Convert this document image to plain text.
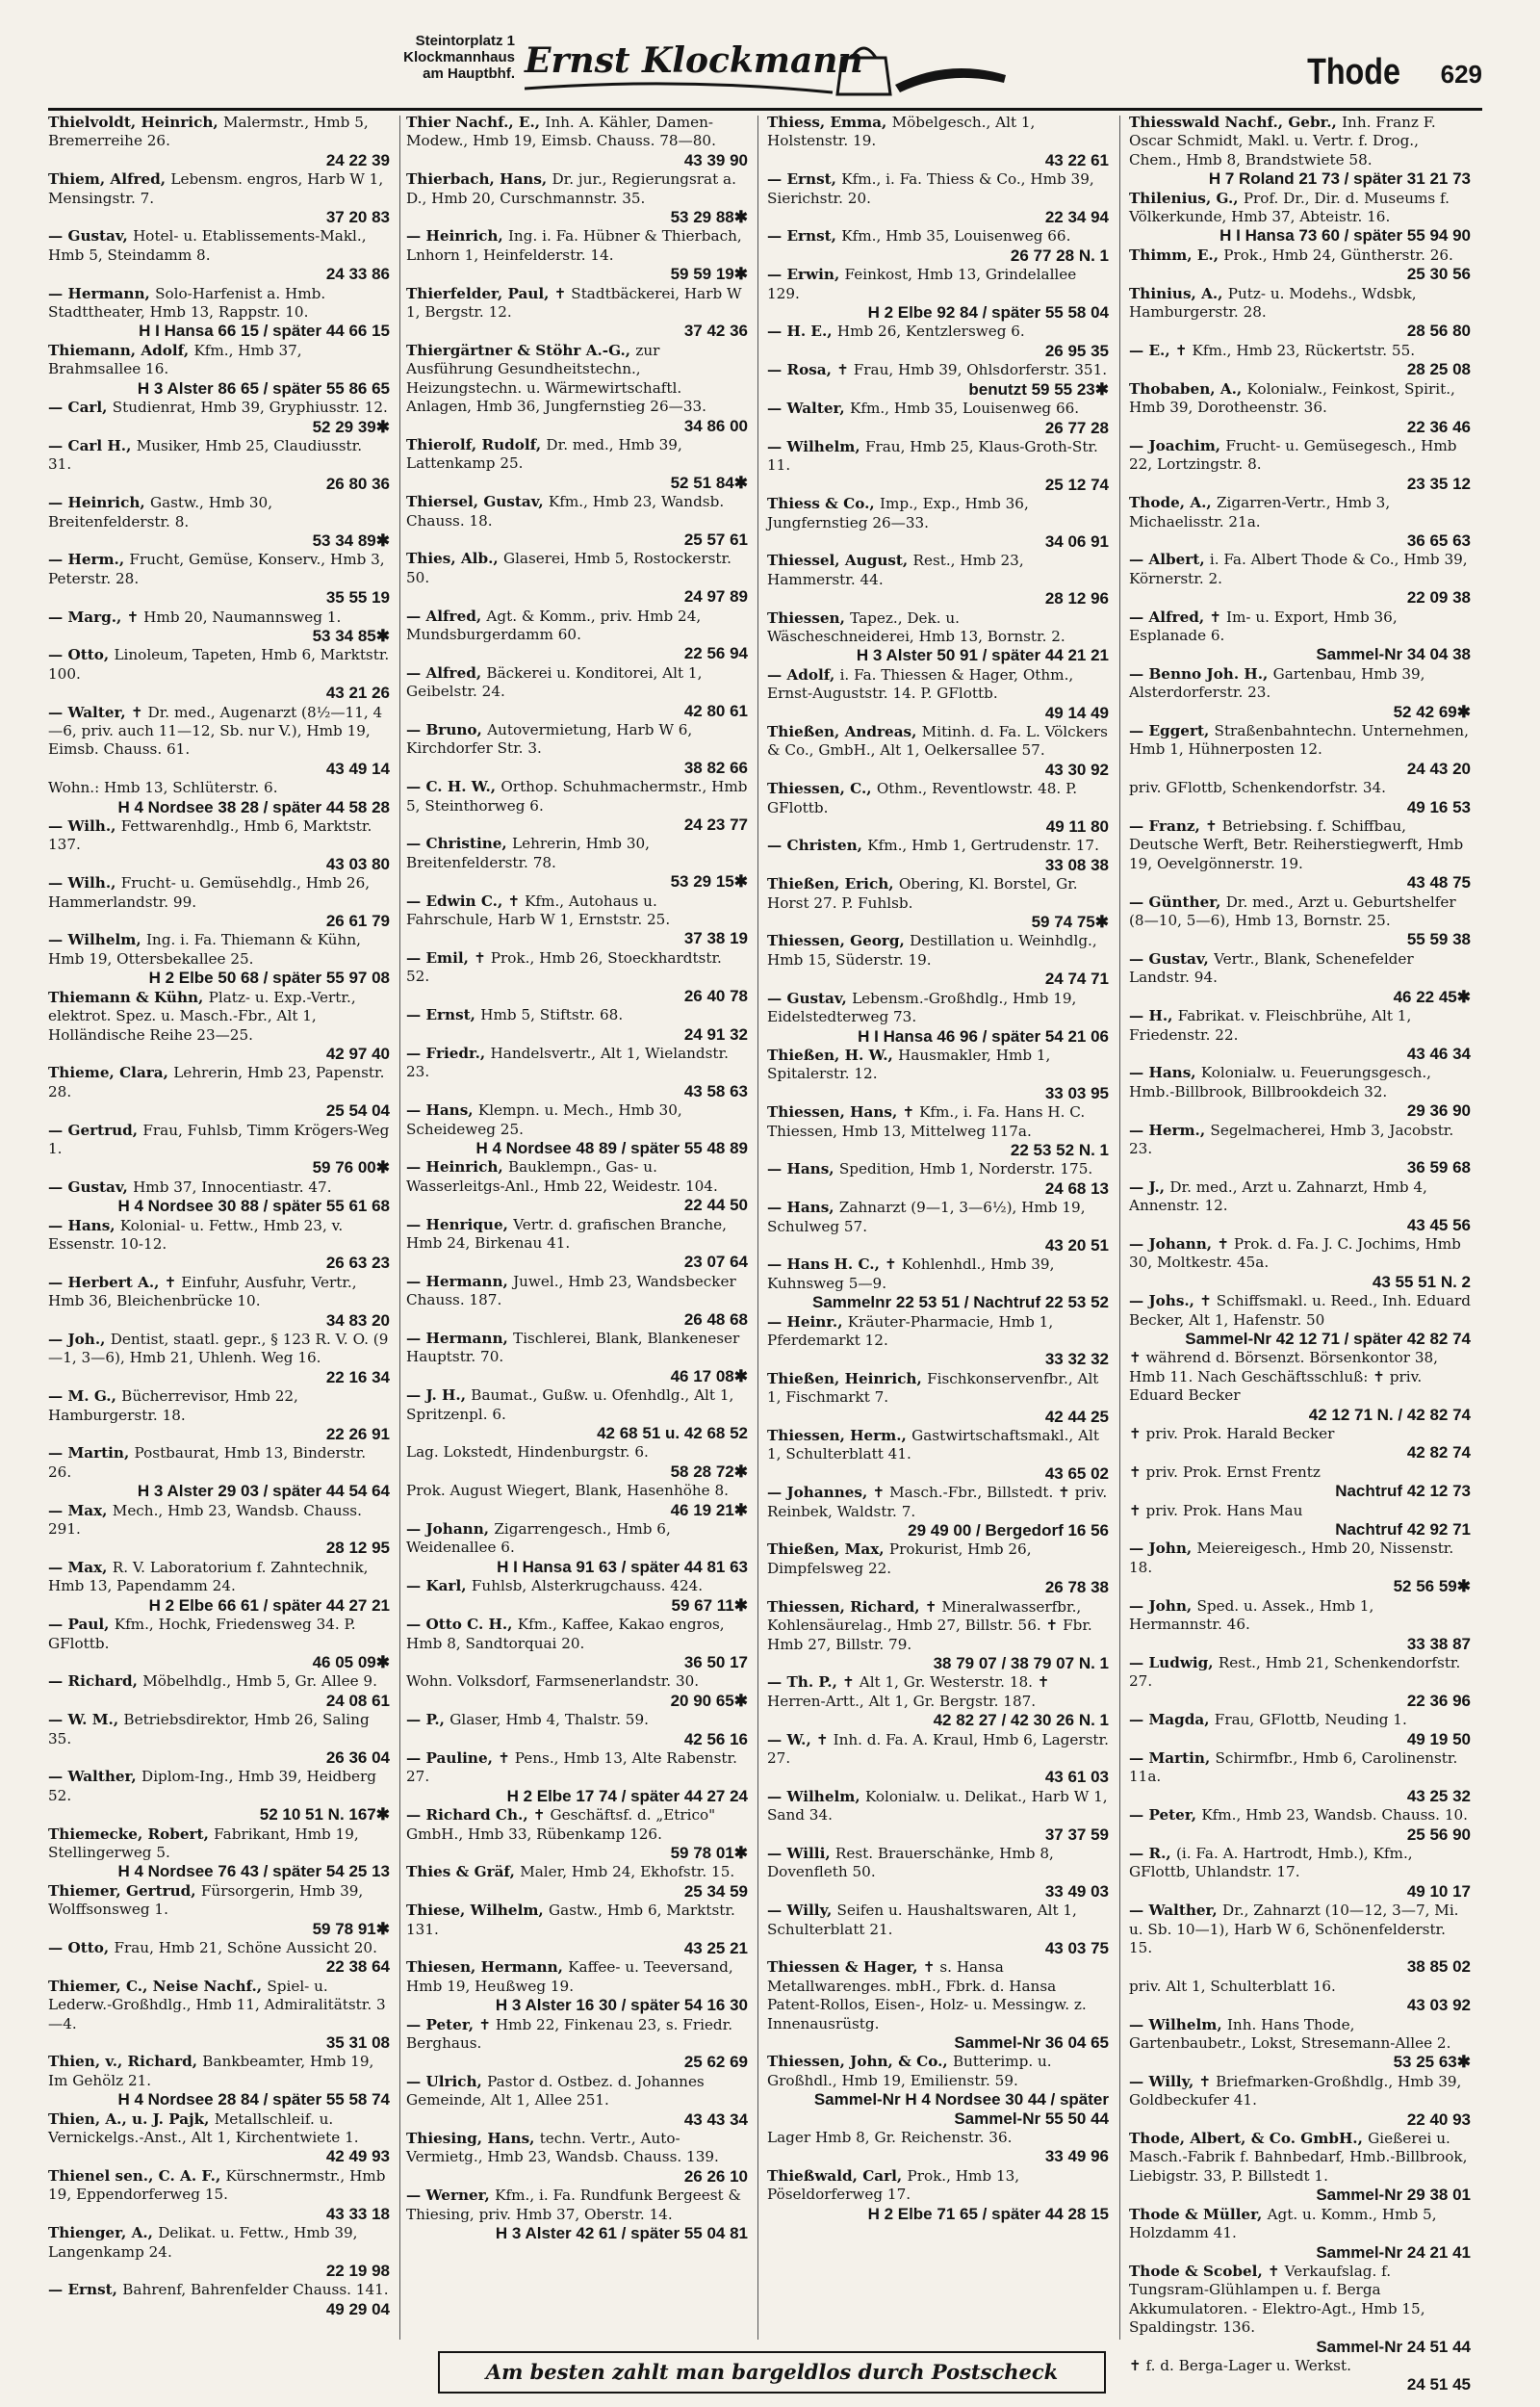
Steintorplatz 1
Klockmannhaus
am Hauptbhf. Ernst Klockmann	Thode 629
Thielvoldt, Heinrich, Malermstr., Hmb 5, Bremerreihe 26.
24 22 39
Thiem, Alfred, Lebensm. engros, Harb W 1, Mensingstr. 7.
37 20 83
— Gustav, Hotel- u. Etablissements-Makl., Hmb 5, Steindamm 8.
24 33 86
— Hermann, Solo-Harfenist a. Hmb. Stadttheater, Hmb 13, Rappstr. 10.
H I Hansa 66 15 / später 44 66 15
Thiemann, Adolf, Kfm., Hmb 37, Brahmsallee 16.
H 3 Alster 86 65 / später 55 86 65
— Carl, Studienrat, Hmb 39, Gryphiusstr. 12.
52 29 39✱
— Carl H., Musiker, Hmb 25, Claudiusstr. 31.
26 80 36
— Heinrich, Gastw., Hmb 30, Breitenfelderstr. 8.
53 34 89✱
— Herm., Frucht, Gemüse, Konserv., Hmb 3, Peterstr. 28.
35 55 19
— Marg., ✝ Hmb 20, Naumannsweg 1.
53 34 85✱
— Otto, Linoleum, Tapeten, Hmb 6, Marktstr. 100.
43 21 26
— Walter, ✝ Dr. med., Augenarzt (8½—11, 4—6, priv. auch 11—12, Sb. nur V.), Hmb 19, Eimsb. Chauss. 61.
43 49 14
Wohn.: Hmb 13, Schlüterstr. 6.
H 4 Nordsee 38 28 / später 44 58 28
— Wilh., Fettwarenhdlg., Hmb 6, Marktstr. 137.
43 03 80
— Wilh., Frucht- u. Gemüsehdlg., Hmb 26, Hammerlandstr. 99.
26 61 79
— Wilhelm, Ing. i. Fa. Thiemann & Kühn, Hmb 19, Ottersbekallee 25.
H 2 Elbe 50 68 / später 55 97 08
Thiemann & Kühn, Platz- u. Exp.-Vertr., elektrot. Spez. u. Masch.-Fbr., Alt 1, Holländische Reihe 23—25.
42 97 40
Thieme, Clara, Lehrerin, Hmb 23, Papenstr. 28.
25 54 04
— Gertrud, Frau, Fuhlsb, Timm Krögers-Weg 1.
59 76 00✱
— Gustav, Hmb 37, Innocentiastr. 47.
H 4 Nordsee 30 88 / später 55 61 68
— Hans, Kolonial- u. Fettw., Hmb 23, v. Essenstr. 10-12.
26 63 23
— Herbert A., ✝ Einfuhr, Ausfuhr, Vertr., Hmb 36, Bleichenbrücke 10.
34 83 20
— Joh., Dentist, staatl. gepr., § 123 R. V. O. (9—1, 3—6), Hmb 21, Uhlenh. Weg 16.
22 16 34
— M. G., Bücherrevisor, Hmb 22, Hamburgerstr. 18.
22 26 91
— Martin, Postbaurat, Hmb 13, Binderstr. 26.
H 3 Alster 29 03 / später 44 54 64
— Max, Mech., Hmb 23, Wandsb. Chauss. 291.
28 12 95
— Max, R. V. Laboratorium f. Zahntechnik, Hmb 13, Papendamm 24.
H 2 Elbe 66 61 / später 44 27 21
— Paul, Kfm., Hochk, Friedensweg 34. P. GFlottb.
46 05 09✱
— Richard, Möbelhdlg., Hmb 5, Gr. Allee 9.
24 08 61
— W. M., Betriebsdirektor, Hmb 26, Saling 35.
26 36 04
— Walther, Diplom-Ing., Hmb 39, Heidberg 52.
52 10 51 N. 167✱
Thiemecke, Robert, Fabrikant, Hmb 19, Stellingerweg 5.
H 4 Nordsee 76 43 / später 54 25 13
Thiemer, Gertrud, Fürsorgerin, Hmb 39, Wolffsonsweg 1.
59 78 91✱
— Otto, Frau, Hmb 21, Schöne Aussicht 20.
22 38 64
Thiemer, C., Neise Nachf., Spiel- u. Lederw.-Großhdlg., Hmb 11, Admiralitätstr. 3—4.
35 31 08
Thien, v., Richard, Bankbeamter, Hmb 19, Im Gehölz 21.
H 4 Nordsee 28 84 / später 55 58 74
Thien, A., u. J. Pajk, Metallschleif. u. Vernickelgs.-Anst., Alt 1, Kirchentwiete 1.
42 49 93
Thienel sen., C. A. F., Kürschnermstr., Hmb 19, Eppendorferweg 15.
43 33 18
Thienger, A., Delikat. u. Fettw., Hmb 39, Langenkamp 24.
22 19 98
— Ernst, Bahrenf, Bahrenfelder Chauss. 141.
49 29 04
Thier Nachf., E., Inh. A. Kähler, Damen-Modew., Hmb 19, Eimsb. Chauss. 78—80.
43 39 90
Thierbach, Hans, Dr. jur., Regierungsrat a. D., Hmb 20, Curschmannstr. 35.
53 29 88✱
— Heinrich, Ing. i. Fa. Hübner & Thierbach, Lnhorn 1, Heinfelderstr. 14.
59 59 19✱
Thierfelder, Paul, ✝ Stadtbäckerei, Harb W 1, Bergstr. 12.
37 42 36
Thiergärtner & Stöhr A.-G., zur Ausführung Gesundheitstechn., Heizungstechn. u. Wärmewirtschaftl. Anlagen, Hmb 36, Jungfernstieg 26—33.
34 86 00
Thierolf, Rudolf, Dr. med., Hmb 39, Lattenkamp 25.
52 51 84✱
Thiersel, Gustav, Kfm., Hmb 23, Wandsb. Chauss. 18.
25 57 61
Thies, Alb., Glaserei, Hmb 5, Rostockerstr. 50.
24 97 89
— Alfred, Agt. & Komm., priv. Hmb 24, Mundsburgerdamm 60.
22 56 94
— Alfred, Bäckerei u. Konditorei, Alt 1, Geibelstr. 24.
42 80 61
— Bruno, Autovermietung, Harb W 6, Kirchdorfer Str. 3.
38 82 66
— C. H. W., Orthop. Schuhmachermstr., Hmb 5, Steinthorweg 6.
24 23 77
— Christine, Lehrerin, Hmb 30, Breitenfelderstr. 78.
53 29 15✱
— Edwin C., ✝ Kfm., Autohaus u. Fahrschule, Harb W 1, Ernststr. 25.
37 38 19
— Emil, ✝ Prok., Hmb 26, Stoeckhardtstr. 52.
26 40 78
— Ernst, Hmb 5, Stiftstr. 68.
24 91 32
— Friedr., Handelsvertr., Alt 1, Wielandstr. 23.
43 58 63
— Hans, Klempn. u. Mech., Hmb 30, Scheideweg 25.
H 4 Nordsee 48 89 / später 55 48 89
— Heinrich, Bauklempn., Gas- u. Wasserleitgs-Anl., Hmb 22, Weidestr. 104.
22 44 50
— Henrique, Vertr. d. grafischen Branche, Hmb 24, Birkenau 41.
23 07 64
— Hermann, Juwel., Hmb 23, Wandsbecker Chauss. 187.
26 48 68
— Hermann, Tischlerei, Blank, Blankeneser Hauptstr. 70.
46 17 08✱
— J. H., Baumat., Gußw. u. Ofenhdlg., Alt 1, Spritzenpl. 6.
42 68 51 u. 42 68 52
Lag. Lokstedt, Hindenburgstr. 6.
58 28 72✱
Prok. August Wiegert, Blank, Hasenhöhe 8.
46 19 21✱
— Johann, Zigarrengesch., Hmb 6, Weidenallee 6.
H I Hansa 91 63 / später 44 81 63
— Karl, Fuhlsb, Alsterkrugchauss. 424.
59 67 11✱
— Otto C. H., Kfm., Kaffee, Kakao engros, Hmb 8, Sandtorquai 20.
36 50 17
Wohn. Volksdorf, Farmsenerlandstr. 30.
20 90 65✱
— P., Glaser, Hmb 4, Thalstr. 59.
42 56 16
— Pauline, ✝ Pens., Hmb 13, Alte Rabenstr. 27.
H 2 Elbe 17 74 / später 44 27 24
— Richard Ch., ✝ Geschäftsf. d. „Etrico" GmbH., Hmb 33, Rübenkamp 126.
59 78 01✱
Thies & Gräf, Maler, Hmb 24, Ekhofstr. 15.
25 34 59
Thiese, Wilhelm, Gastw., Hmb 6, Marktstr. 131.
43 25 21
Thiesen, Hermann, Kaffee- u. Teeversand, Hmb 19, Heußweg 19.
H 3 Alster 16 30 / später 54 16 30
— Peter, ✝ Hmb 22, Finkenau 23, s. Friedr. Berghaus.
25 62 69
— Ulrich, Pastor d. Ostbez. d. Johannes Gemeinde, Alt 1, Allee 251.
43 43 34
Thiesing, Hans, techn. Vertr., Auto-Vermietg., Hmb 23, Wandsb. Chauss. 139.
26 26 10
— Werner, Kfm., i. Fa. Rundfunk Bergeest & Thiesing, priv. Hmb 37, Oberstr. 14.
H 3 Alster 42 61 / später 55 04 81
Thiess, Emma, Möbelgesch., Alt 1, Holstenstr. 19.
43 22 61
— Ernst, Kfm., i. Fa. Thiess & Co., Hmb 39, Sierichstr. 20.
22 34 94
— Ernst, Kfm., Hmb 35, Louisenweg 66.
26 77 28 N. 1
— Erwin, Feinkost, Hmb 13, Grindelallee 129.
H 2 Elbe 92 84 / später 55 58 04
— H. E., Hmb 26, Kentzlersweg 6.
26 95 35
— Rosa, ✝ Frau, Hmb 39, Ohlsdorferstr. 351.
benutzt 59 55 23✱
— Walter, Kfm., Hmb 35, Louisenweg 66.
26 77 28
— Wilhelm, Frau, Hmb 25, Klaus-Groth-Str. 11.
25 12 74
Thiess & Co., Imp., Exp., Hmb 36, Jungfernstieg 26—33.
34 06 91
Thiessel, August, Rest., Hmb 23, Hammerstr. 44.
28 12 96
Thiessen, Tapez., Dek. u. Wäscheschneiderei, Hmb 13, Bornstr. 2.
H 3 Alster 50 91 / später 44 21 21
— Adolf, i. Fa. Thiessen & Hager, Othm., Ernst-Auguststr. 14. P. GFlottb.
49 14 49
Thießen, Andreas, Mitinh. d. Fa. L. Völckers & Co., GmbH., Alt 1, Oelkersallee 57.
43 30 92
Thiessen, C., Othm., Reventlowstr. 48. P. GFlottb.
49 11 80
— Christen, Kfm., Hmb 1, Gertrudenstr. 17.
33 08 38
Thießen, Erich, Obering, Kl. Borstel, Gr. Horst 27. P. Fuhlsb.
59 74 75✱
Thiessen, Georg, Destillation u. Weinhdlg., Hmb 15, Süderstr. 19.
24 74 71
— Gustav, Lebensm.-Großhdlg., Hmb 19, Eidelstedterweg 73.
H I Hansa 46 96 / später 54 21 06
Thießen, H. W., Hausmakler, Hmb 1, Spitalerstr. 12.
33 03 95
Thiessen, Hans, ✝ Kfm., i. Fa. Hans H. C. Thiessen, Hmb 13, Mittelweg 117a.
22 53 52 N. 1
— Hans, Spedition, Hmb 1, Norderstr. 175.
24 68 13
— Hans, Zahnarzt (9—1, 3—6½), Hmb 19, Schulweg 57.
43 20 51
— Hans H. C., ✝ Kohlenhdl., Hmb 39, Kuhnsweg 5—9.
Sammelnr 22 53 51 / Nachtruf 22 53 52
— Heinr., Kräuter-Pharmacie, Hmb 1, Pferdemarkt 12.
33 32 32
Thießen, Heinrich, Fischkonservenfbr., Alt 1, Fischmarkt 7.
42 44 25
Thiessen, Herm., Gastwirtschaftsmakl., Alt 1, Schulterblatt 41.
43 65 02
— Johannes, ✝ Masch.-Fbr., Billstedt. ✝ priv. Reinbek, Waldstr. 7.
29 49 00 / Bergedorf 16 56
Thießen, Max, Prokurist, Hmb 26, Dimpfelsweg 22.
26 78 38
Thiessen, Richard, ✝ Mineralwasserfbr., Kohlensäurelag., Hmb 27, Billstr. 56. ✝ Fbr. Hmb 27, Billstr. 79.
38 79 07 / 38 79 07 N. 1
— Th. P., ✝ Alt 1, Gr. Westerstr. 18. ✝ Herren-Artt., Alt 1, Gr. Bergstr. 187.
42 82 27 / 42 30 26 N. 1
— W., ✝ Inh. d. Fa. A. Kraul, Hmb 6, Lagerstr. 27.
43 61 03
— Wilhelm, Kolonialw. u. Delikat., Harb W 1, Sand 34.
37 37 59
— Willi, Rest. Brauerschänke, Hmb 8, Dovenfleth 50.
33 49 03
— Willy, Seifen u. Haushaltswaren, Alt 1, Schulterblatt 21.
43 03 75
Thiessen & Hager, ✝ s. Hansa Metallwarenges. mbH., Fbrk. d. Hansa Patent-Rollos, Eisen-, Holz- u. Messingw. z. Innenausrüstg.
Sammel-Nr 36 04 65
Thiessen, John, & Co., Butterimp. u. Großhdl., Hmb 19, Emilienstr. 59.
Sammel-Nr H 4 Nordsee 30 44 / später Sammel-Nr 55 50 44
Lager Hmb 8, Gr. Reichenstr. 36.
33 49 96
Thießwald, Carl, Prok., Hmb 13, Pöseldorferweg 17.
H 2 Elbe 71 65 / später 44 28 15
Thiesswald Nachf., Gebr., Inh. Franz F. Oscar Schmidt, Makl. u. Vertr. f. Drog., Chem., Hmb 8, Brandstwiete 58.
H 7 Roland 21 73 / später 31 21 73
Thilenius, G., Prof. Dr., Dir. d. Museums f. Völkerkunde, Hmb 37, Abteistr. 16.
H I Hansa 73 60 / später 55 94 90
Thimm, E., Prok., Hmb 24, Güntherstr. 26.
25 30 56
Thinius, A., Putz- u. Modehs., Wdsbk, Hamburgerstr. 28.
28 56 80
— E., ✝ Kfm., Hmb 23, Rückertstr. 55.
28 25 08
Thobaben, A., Kolonialw., Feinkost, Spirit., Hmb 39, Dorotheenstr. 36.
22 36 46
— Joachim, Frucht- u. Gemüsegesch., Hmb 22, Lortzingstr. 8.
23 35 12
Thode, A., Zigarren-Vertr., Hmb 3, Michaelisstr. 21a.
36 65 63
— Albert, i. Fa. Albert Thode & Co., Hmb 39, Körnerstr. 2.
22 09 38
— Alfred, ✝ Im- u. Export, Hmb 36, Esplanade 6.
Sammel-Nr 34 04 38
— Benno Joh. H., Gartenbau, Hmb 39, Alsterdorferstr. 23.
52 42 69✱
— Eggert, Straßenbahntechn. Unternehmen, Hmb 1, Hühnerposten 12.
24 43 20
priv. GFlottb, Schenkendorfstr. 34.
49 16 53
— Franz, ✝ Betriebsing. f. Schiffbau, Deutsche Werft, Betr. Reiherstiegwerft, Hmb 19, Oevelgönnerstr. 19.
43 48 75
— Günther, Dr. med., Arzt u. Geburtshelfer (8—10, 5—6), Hmb 13, Bornstr. 25.
55 59 38
— Gustav, Vertr., Blank, Schenefelder Landstr. 94.
46 22 45✱
— H., Fabrikat. v. Fleischbrühe, Alt 1, Friedenstr. 22.
43 46 34
— Hans, Kolonialw. u. Feuerungsgesch., Hmb.-Billbrook, Billbrookdeich 32.
29 36 90
— Herm., Segelmacherei, Hmb 3, Jacobstr. 23.
36 59 68
— J., Dr. med., Arzt u. Zahnarzt, Hmb 4, Annenstr. 12.
43 45 56
— Johann, ✝ Prok. d. Fa. J. C. Jochims, Hmb 30, Moltkestr. 45a.
43 55 51 N. 2
— Johs., ✝ Schiffsmakl. u. Reed., Inh. Eduard Becker, Alt 1, Hafenstr. 50
Sammel-Nr 42 12 71 / später 42 82 74
✝ während d. Börsenzt. Börsenkontor 38, Hmb 11. Nach Geschäftsschluß: ✝ priv. Eduard Becker
42 12 71 N. / 42 82 74
✝ priv. Prok. Harald Becker
42 82 74
✝ priv. Prok. Ernst Frentz
Nachtruf 42 12 73
✝ priv. Prok. Hans Mau
Nachtruf 42 92 71
— John, Meiereigesch., Hmb 20, Nissenstr. 18.
52 56 59✱
— John, Sped. u. Assek., Hmb 1, Hermannstr. 46.
33 38 87
— Ludwig, Rest., Hmb 21, Schenkendorfstr. 27.
22 36 96
— Magda, Frau, GFlottb, Neuding 1.
49 19 50
— Martin, Schirmfbr., Hmb 6, Carolinenstr. 11a.
43 25 32
— Peter, Kfm., Hmb 23, Wandsb. Chauss. 10.
25 56 90
— R., (i. Fa. A. Hartrodt, Hmb.), Kfm., GFlottb, Uhlandstr. 17.
49 10 17
— Walther, Dr., Zahnarzt (10—12, 3—7, Mi. u. Sb. 10—1), Harb W 6, Schönenfelderstr. 15.
38 85 02
priv. Alt 1, Schulterblatt 16.
43 03 92
— Wilhelm, Inh. Hans Thode, Gartenbaubetr., Lokst, Stresemann-Allee 2.
53 25 63✱
— Willy, ✝ Briefmarken-Großhdlg., Hmb 39, Goldbeckufer 41.
22 40 93
Thode, Albert, & Co. GmbH., Gießerei u. Masch.-Fabrik f. Bahnbedarf, Hmb.-Billbrook, Liebigstr. 33, P. Billstedt 1.
Sammel-Nr 29 38 01
Thode & Müller, Agt. u. Komm., Hmb 5, Holzdamm 41.
Sammel-Nr 24 21 41
Thode & Scobel, ✝ Verkaufslag. f. Tungsram-Glühlampen u. f. Berga Akkumulatoren. - Elektro-Agt., Hmb 15, Spaldingstr. 136.
Sammel-Nr 24 51 44
✝ f. d. Berga-Lager u. Werkst.
24 51 45
Am besten zahlt man bargeldlos durch Postscheck
